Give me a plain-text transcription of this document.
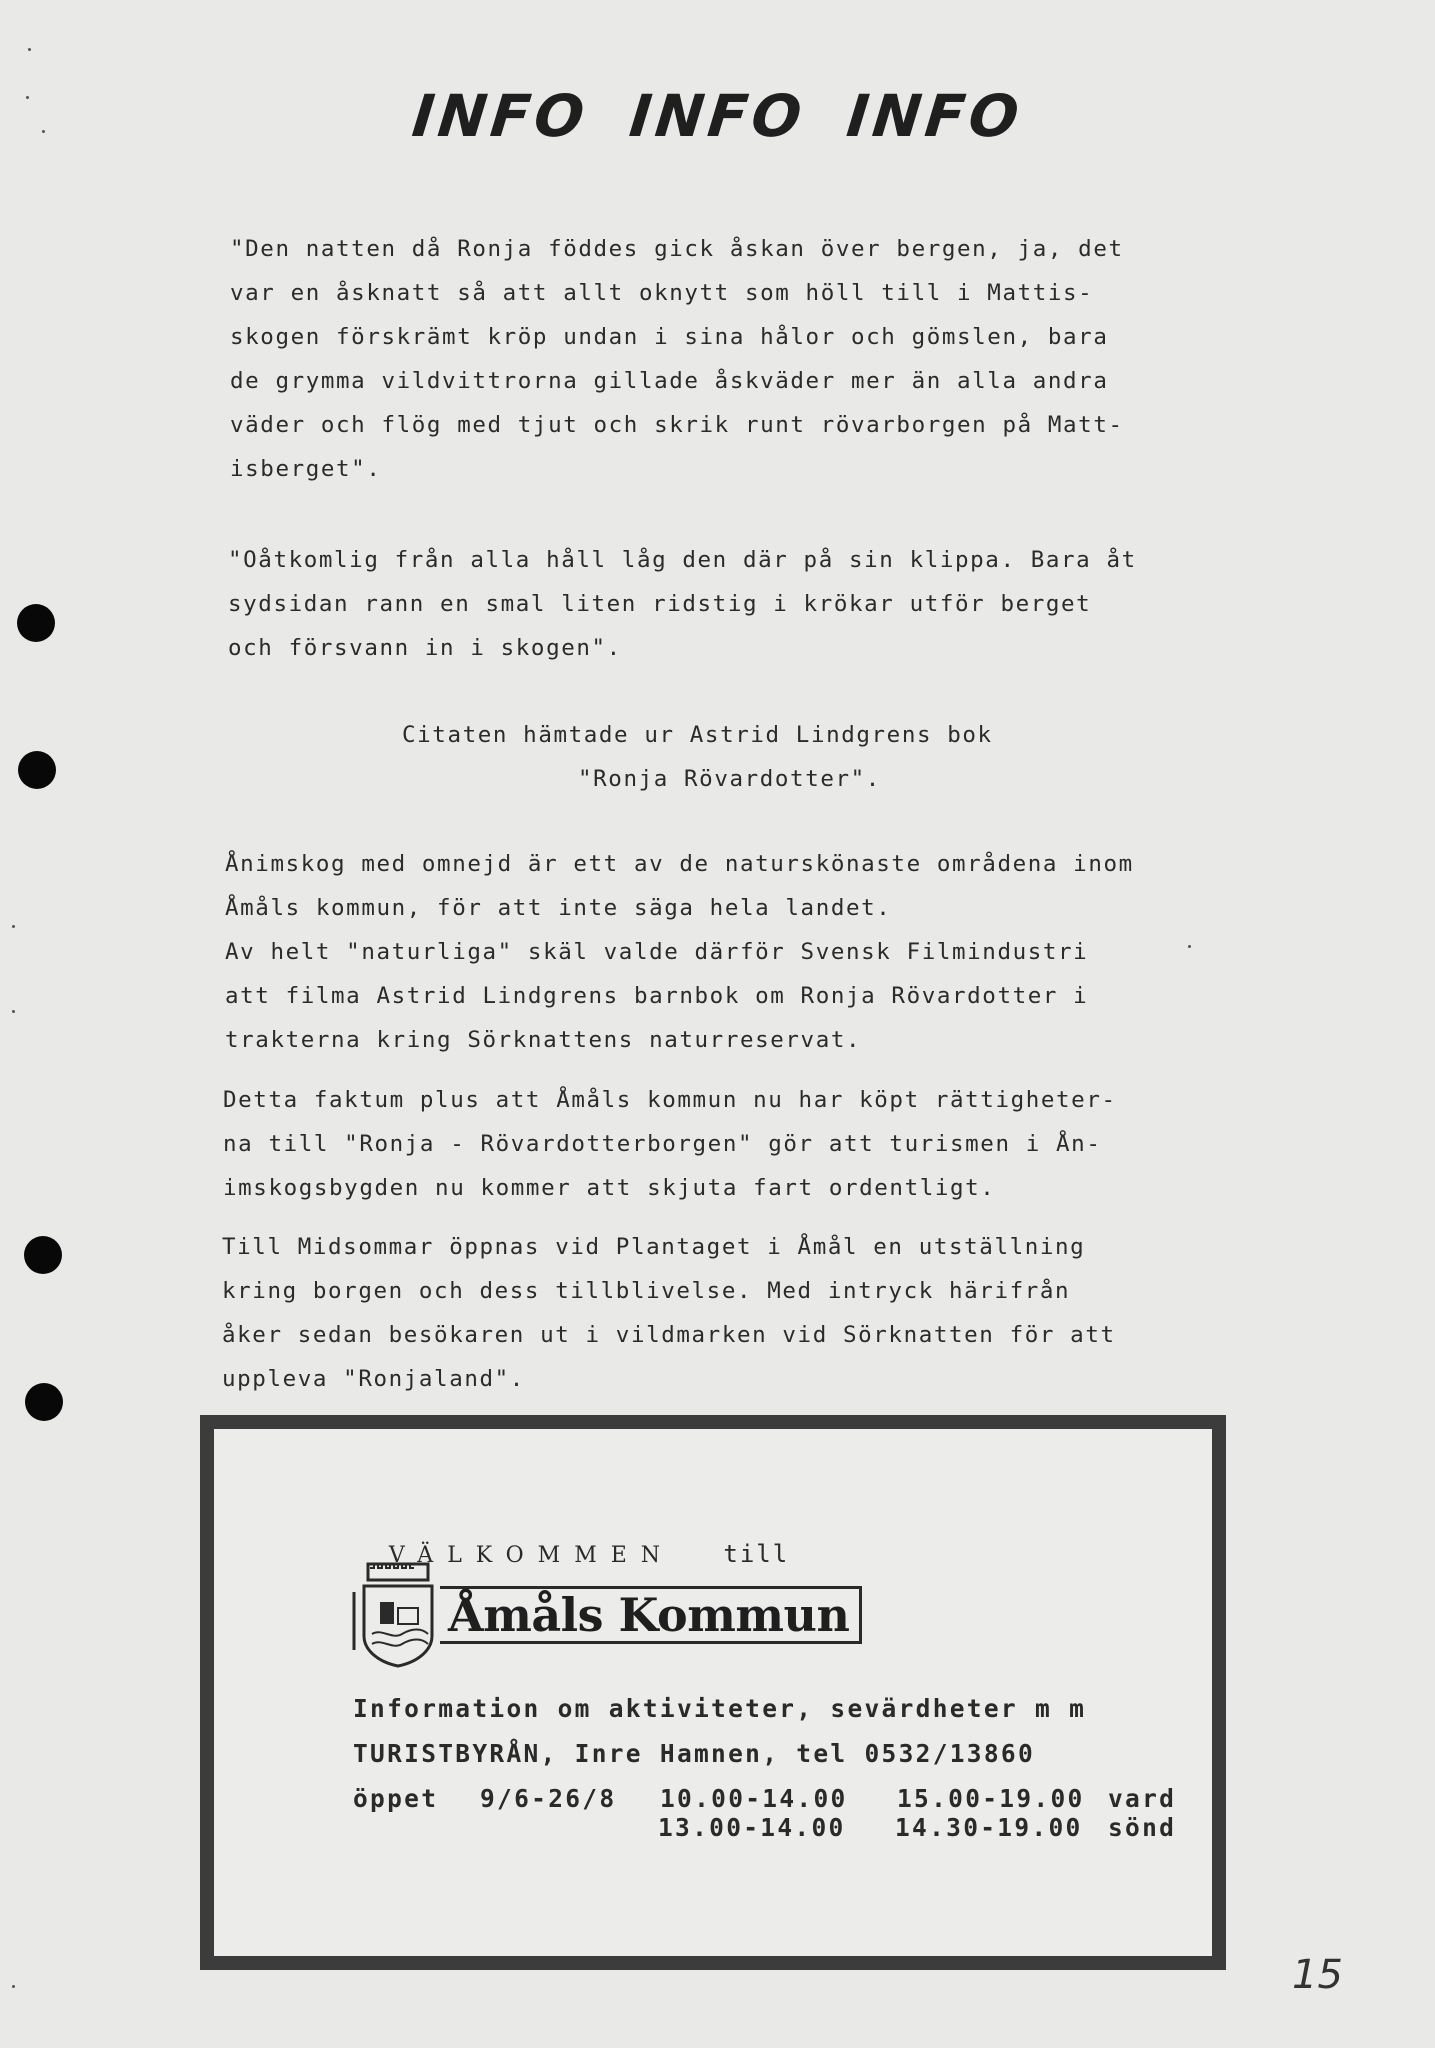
INFO INFO INFO
"Den natten då Ronja föddes gick åskan över bergen, ja, det
var en åsknatt så att allt oknytt som höll till i Mattis-
skogen förskrämt kröp undan i sina hålor och gömslen, bara
de grymma vildvittrorna gillade åskväder mer än alla andra
väder och flög med tjut och skrik runt rövarborgen på Matt-
isberget".
"Oåtkomlig från alla håll låg den där på sin klippa. Bara åt
sydsidan rann en smal liten ridstig i krökar utför berget
och försvann in i skogen".
Citaten hämtade ur Astrid Lindgrens bok
"Ronja Rövardotter".
Ånimskog med omnejd är ett av de naturskönaste områdena inom
Åmåls kommun, för att inte säga hela landet.
Av helt "naturliga" skäl valde därför Svensk Filmindustri
att filma Astrid Lindgrens barnbok om Ronja Rövardotter i
trakterna kring Sörknattens naturreservat.
Detta faktum plus att Åmåls kommun nu har köpt rättigheter-
na till "Ronja - Rövardotterborgen" gör att turismen i Ån-
imskogsbygden nu kommer att skjuta fart ordentligt.
Till Midsommar öppnas vid Plantaget i Åmål en utställning
kring borgen och dess tillblivelse. Med intryck härifrån
åker sedan besökaren ut i vildmarken vid Sörknatten för att
uppleva "Ronjaland".

VÄLKOMMEN till

Åmåls Kommun
Information om aktiviteter, sevärdheter m m
TURISTBYRÅN, Inre Hamnen, tel 0532/13860
öppet 9/6-26/8 10.00-14.00 15.00-19.00 vard
13.00-14.00 14.30-19.00 sönd
15
